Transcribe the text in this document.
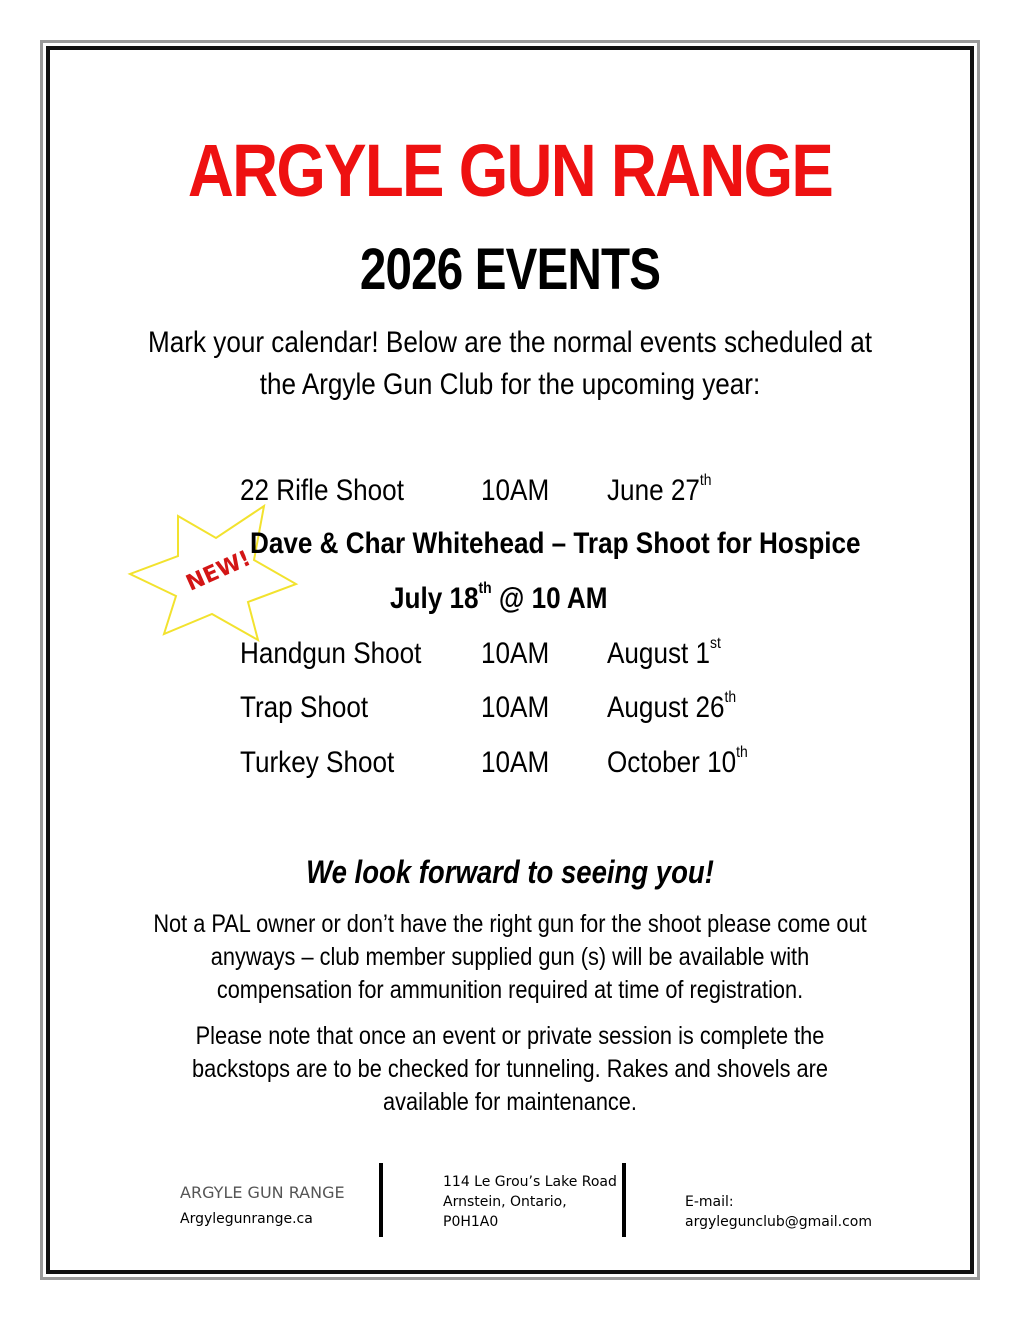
ARGYLE GUN RANGE
2026 EVENTS

Mark your calendar! Below are the normal events scheduled at the Argyle Gun Club for the upcoming year:

22 Rifle Shoot	10AM June 27th
NEW!
Dave & Char Whitehead – Trap Shoot for Hospice
July 18th @ 10 AM
Handgun Shoot 10AM August 1st
Trap Shoot	10AM August 26th
Turkey Shoot	10AM October 10th
We look forward to seeing you!

Not a PAL owner or don’t have the right gun for the shoot please come out anyways – club member supplied gun (s) will be available with compensation for ammunition required at time of registration.

Please note that once an event or private session is complete the backstops are to be checked for tunneling. Rakes and shovels are available for maintenance.

ARGYLE GUN RANGE
Argylegunrange.ca
114 Le Grou’s Lake Road
Arnstein, Ontario,
P0H1A0
E-mail:
argylegunclub@gmail.com
